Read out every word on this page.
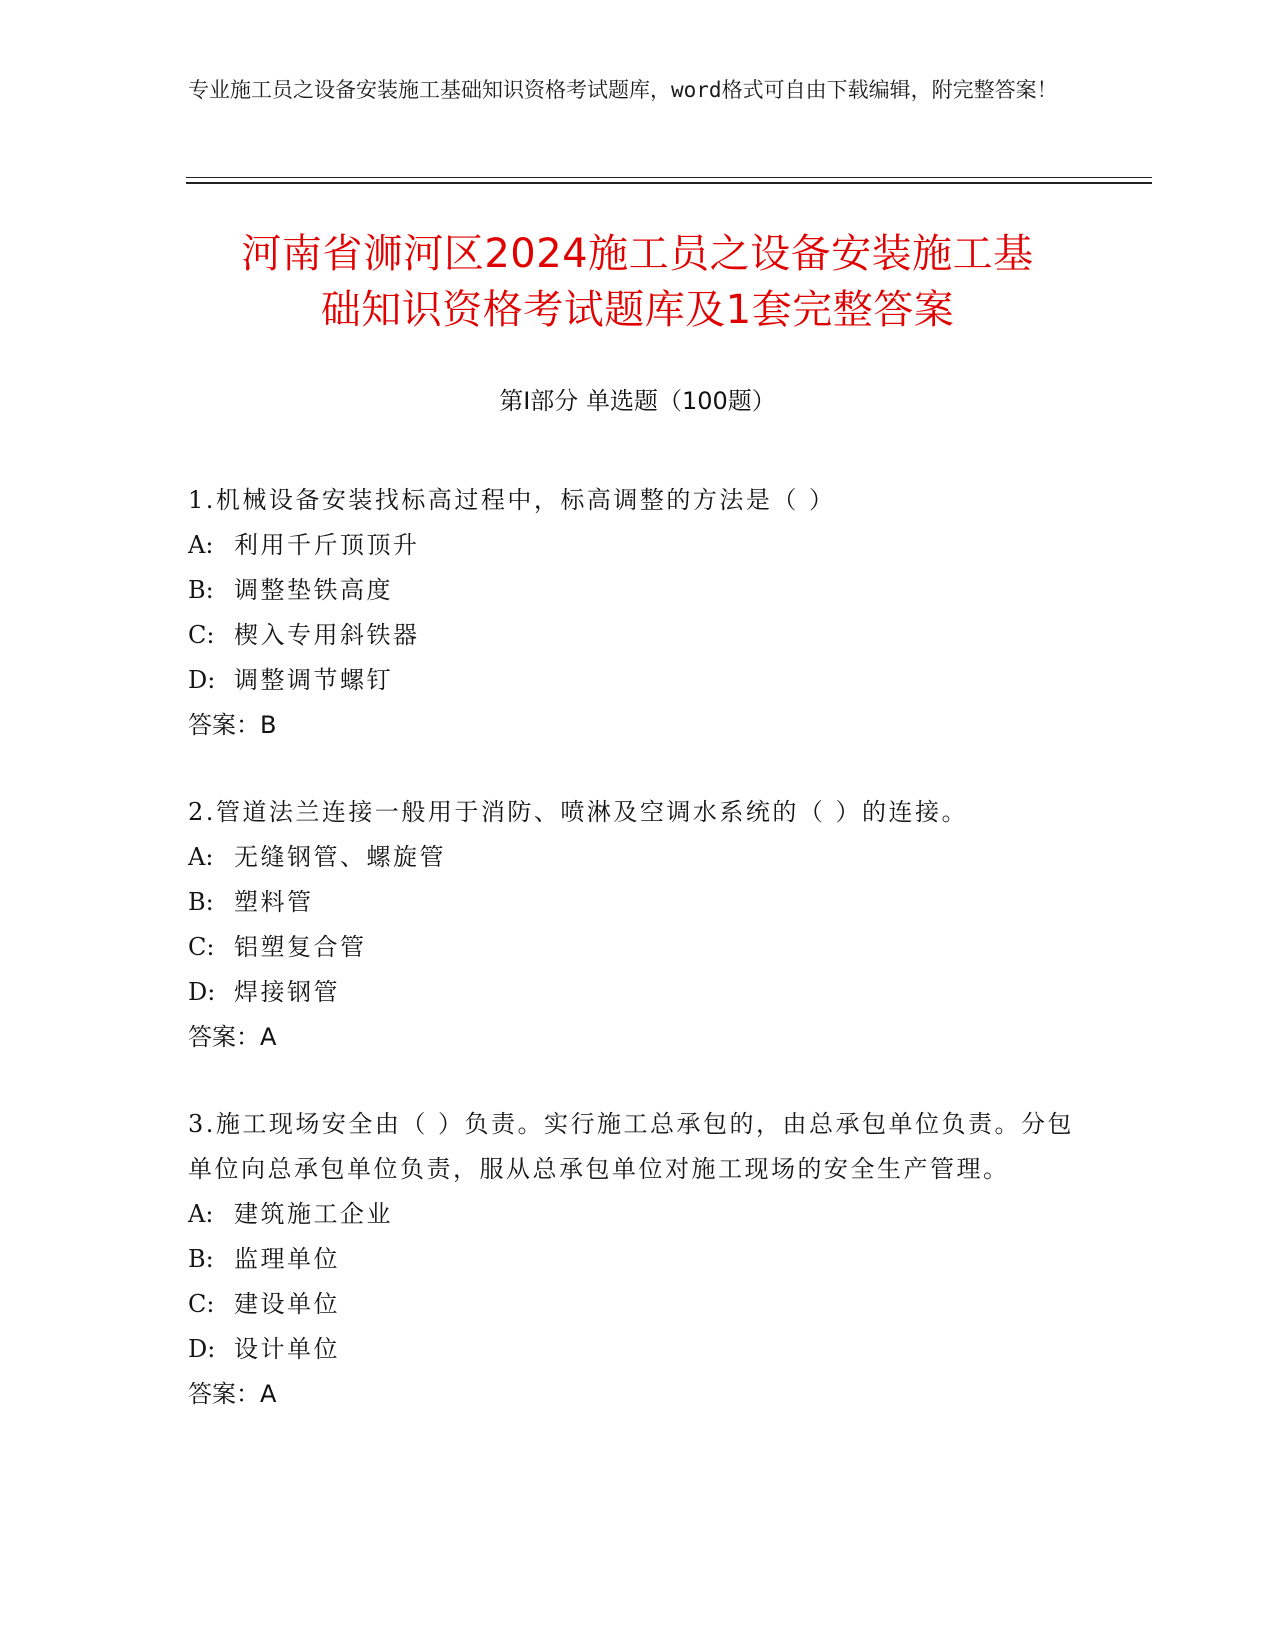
专业施工员之设备安装施工基础知识资格考试题库，word格式可自由下载编辑，附完整答案！
河南省浉河区2024施工员之设备安装施工基
础知识资格考试题库及1套完整答案
第I部分 单选题（100题）
1.机械设备安装找标高过程中，标高调整的方法是（ ）
A: 利用千斤顶顶升
B: 调整垫铁高度
C: 楔入专用斜铁器
D: 调整调节螺钉
答案：B
2.管道法兰连接一般用于消防、喷淋及空调水系统的（ ）的连接。
A: 无缝钢管、螺旋管
B: 塑料管
C: 铝塑复合管
D: 焊接钢管
答案：A
3.施工现场安全由（ ）负责。实行施工总承包的，由总承包单位负责。分包单位向总承包单位负责，服从总承包单位对施工现场的安全生产管理。
A: 建筑施工企业
B: 监理单位
C: 建设单位
D: 设计单位
答案：A
